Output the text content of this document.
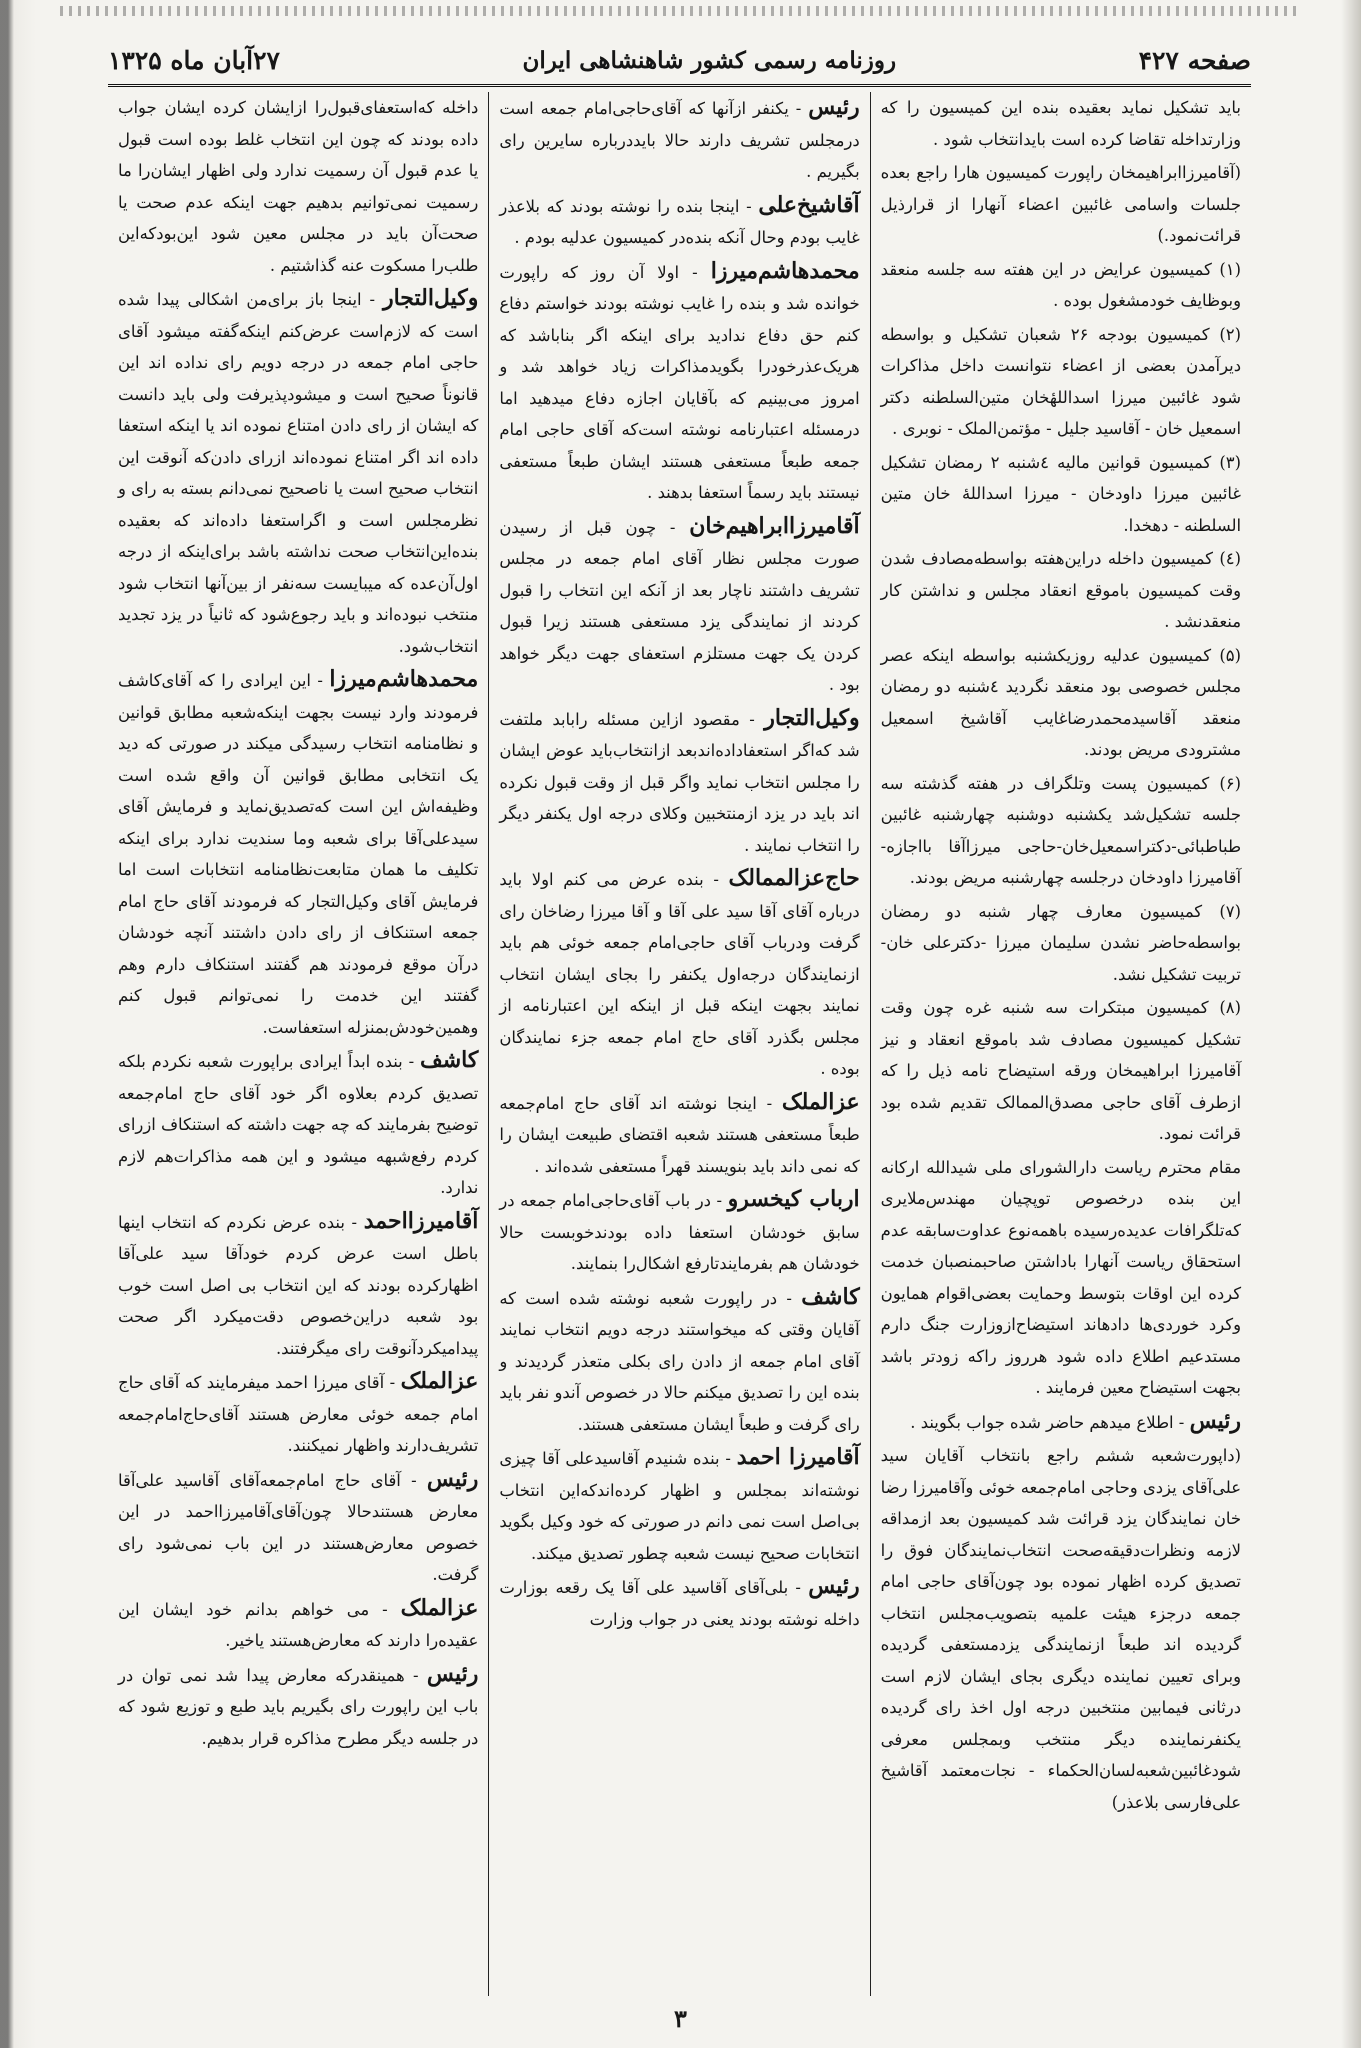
صفحه ۴۲۷
روزنامه رسمی کشور شاهنشاهی ایران
۲۷آبان ماه ۱۳۲۵

باید تشکیل نماید بعقیده بنده این کمیسیون را که وزارتداخله تقاضا کرده است بایدانتخاب شود .

(آقامیرزاابراهیمخان راپورت کمیسیون هارا راجع بعده جلسات واسامی غائبین اعضاء آنهارا از قرارذیل قرائت‌نمود.)

(۱) کمیسیون عرایض در این هفته سه جلسه منعقد وبوظایف خودمشغول بوده .

(۲) کمیسیون بودجه ۲۶ شعبان تشکیل و بواسطه دیرآمدن بعضی از اعضاء نتوانست داخل مذاکرات شود غائبین میرزا اسداللهٔخان متین‌السلطنه دکتر اسمعیل خان - آقاسید جلیل - مؤتمن‌الملک - نوبری .

(۳) کمیسیون قوانین مالیه ٤شنبه ۲ رمضان تشکیل غائبین میرزا داودخان - میرزا اسداللهٔ خان متین السلطنه - دهخدا.

(٤) کمیسیون داخله دراین‌هفته بواسطه‌مصادف شدن وقت کمیسیون باموقع انعقاد مجلس و نداشتن کار منعقدنشد .

(۵) کمیسیون عدلیه روزیکشنبه بواسطه اینکه عصر مجلس خصوصی بود منعقد نگردید ٤شنبه دو رمضان منعقد آقاسیدمحمدرضاغایب آقاشیخ اسمعیل مشترودی مریض بودند.

(۶) کمیسیون پست وتلگراف در هفته گذشته سه جلسه تشکیل‌شد یکشنبه دوشنبه چهارشنبه غائبین طباطبائی-دکتراسمعیل‌خان-حاجی میرزاآقا بااجازه- آقامیرزا داودخان درجلسه چهارشنبه مریض بودند.

(۷) کمیسیون معارف چهار شنبه دو رمضان بواسطه‌حاضر نشدن سلیمان میرزا -دکترعلی خان- تربیت تشکیل نشد.

(۸) کمیسیون مبتکرات سه شنبه غره چون وقت تشکیل کمیسیون مصادف شد باموقع انعقاد و نیز آقامیرزا ابراهیمخان ورقه استیضاح نامه ذیل را که ازطرف آقای حاجی مصدق‌الممالک تقدیم شده بود قرائت نمود.

مقام محترم ریاست دارالشورای ملی شیدالله ارکانه این بنده درخصوص توپچیان مهندس‌ملایری که‌تلگرافات عدیده‌رسیده باهمه‌نوع عداوت‌سابقه عدم استحقاق ریاست آنهارا باداشتن صاحبمنصبان خدمت کرده این اوقات بتوسط وحمایت بعضی‌اقوام همایون وکرد خوردی‌ها دادهاند استیضاح‌ازوزارت جنگ دارم مستدعیم اطلاع داده شود هرروز راکه زودتر باشد بجهت استیضاح معین فرمایند .

رئیس - اطلاع میدهم حاضر شده جواب بگویند .

(داپورت‌شعبه ششم راجع بانتخاب آقایان سید علی‌آقای یزدی وحاجی امام‌جمعه خوئی وآقامیرزا رضا خان نمایندگان یزد قرائت شد کمیسیون بعد ازمداقه لازمه ونظرات‌دقیقه‌صحت انتخاب‌نمایندگان فوق را تصدیق کرده اظهار نموده بود چون‌آقای حاجی امام جمعه درجزء هیئت علمیه بتصویب‌مجلس انتخاب گردیده اند طبعاً ازنمایندگی یزدمستعفی گردیده وبرای تعیین نماینده دیگری بجای ایشان لازم است درثانی فیمابین منتخبین درجه اول اخذ رای گردیده یکنفرنماینده دیگر منتخب وبمجلس معرفی شودغائبین‌شعبه‌لسان‌الحکماء - نجات‌معتمد آقاشیخ علی‌فارسی بلاعذر)

رئیس - یکنفر ازآنها که آقای‌حاجی‌امام جمعه است درمجلس تشریف دارند حالا بایددرباره سایرین رای بگیریم .

آقاشیخ‌علی - اینجا بنده را نوشته بودند که بلاعذر غایب بودم وحال آنکه بنده‌در کمیسیون عدلیه بودم .

محمدهاشم‌میرزا - اولا آن روز که راپورت خوانده شد و بنده را غایب نوشته بودند خواستم دفاع کنم حق دفاع ندادید برای اینکه اگر بناباشد که هریک‌عذرخودرا بگوید‌مذاکرات زیاد خواهد شد و امروز می‌بینیم که بآقایان اجازه دفاع میدهید اما درمسئله اعتبارنامه نوشته است‌که آقای حاجی امام جمعه طبعاً مستعفی هستند ایشان طبعاً مستعفی نیستند باید رسماً استعفا بدهند .

آقامیرزاابراهیم‌خان - چون قبل از رسیدن صورت مجلس نظار آقای امام جمعه در مجلس تشریف داشتند ناچار بعد از آنکه این انتخاب را قبول کردند از نمایندگی یزد مستعفی هستند زیرا قبول کردن یک جهت مستلزم استعفای جهت دیگر خواهد بود .

وکیل‌التجار - مقصود ازاین مسئله رابابد ملتفت شد که‌اگر استعفاداده‌اندبعد ازانتخاب‌باید عوض ایشان را مجلس انتخاب نماید واگر قبل از وقت قبول نکرده اند باید در یزد ازمنتخبین وکلای درجه اول یکنفر دیگر را انتخاب نمایند .

حاج‌عزالممالک - بنده عرض می کنم اولا باید درباره آقای آقا سید علی آقا و آقا میرزا رضاخان رای گرفت ودرباب آقای حاجی‌امام جمعه خوئی هم باید ازنمایندگان درجه‌اول یکنفر را بجای ایشان انتخاب نمایند بجهت اینکه قبل از اینکه این اعتبارنامه از مجلس بگذرد آقای حاج امام جمعه جزء نمایندگان بوده .

عزالملک - اینجا نوشته اند آقای حاج امام‌جمعه طبعاً مستعفی هستند شعبه اقتضای طبیعت ایشان را که نمی داند باید بنویسند قهراً مستعفی شده‌اند .

ارباب کیخسرو - در باب آقای‌حاجی‌امام جمعه در سابق خودشان استعفا داده بودندخوبست حالا خودشان هم بفرمایندتارفع اشکال‌را بنمایند.

کاشف - در راپورت شعبه نوشته شده است که آقایان وقتی که میخواستند درجه دویم انتخاب نمایند آقای امام جمعه از دادن رای بکلی متعذر گردیدند و بنده این را تصدیق میکنم حالا در خصوص آندو نفر باید رای گرفت و طبعاً ایشان مستعفی هستند.

آقامیرزا احمد - بنده شنیدم آقاسیدعلی آقا چیزی نوشته‌اند بمجلس و اظهار کرده‌اندکه‌این انتخاب بی‌اصل است نمی دانم در صورتی که خود وکیل بگوید انتخابات صحیح نیست شعبه چطور تصدیق میکند.

رئیس - بلی‌آقای آقاسید علی آقا یک رقعه بوزارت داخله نوشته بودند یعنی در جواب وزارت

داخله که‌استعفای‌قبول‌را ازایشان کرده ایشان جواب داده بودند که چون این انتخاب غلط بوده است قبول یا عدم قبول آن رسمیت ندارد ولی اظهار ایشان‌را ما رسمیت نمی‌توانیم بدهیم جهت اینکه عدم صحت یا صحت‌آن باید در مجلس معین شود این‌بودکه‌این طلب‌را مسکوت عنه گذاشتیم .

وکیل‌التجار - اینجا باز برای‌من اشکالی پیدا شده است که لازم‌است عرض‌کنم اینکه‌گفته میشود آقای حاجی امام جمعه در درجه دویم رای نداده اند این قانوناً صحیح است و میشودپذیرفت ولی باید دانست که ایشان از رای دادن امتناع نموده اند یا اینکه استعفا داده اند اگر امتناع نموده‌اند ازرای دادن‌که آنوقت این انتخاب صحیح است یا ناصحیح نمی‌دانم بسته به رای و نظرمجلس است و اگراستعفا داده‌اند که بعقیده بنده‌این‌انتخاب صحت نداشته باشد برای‌اینکه از درجه اول‌آن‌عده که میبایست سه‌نفر از بین‌آنها انتخاب شود منتخب نبوده‌اند و باید رجوع‌شود که ثانیاً در یزد تجدید انتخاب‌شود.

محمدهاشم‌میرزا - این ایرادی را که آقای‌کاشف فرمودند وارد نیست بجهت اینکه‌شعبه مطابق قوانین و نظامنامه انتخاب رسیدگی میکند در صورتی که دید یک انتخابی مطابق قوانین آن واقع شده است وظیفه‌اش این است که‌تصدیق‌نماید و فرمایش آقای سیدعلی‌آقا برای شعبه وما سندیت ندارد برای اینکه تکلیف ما همان متابعت‌نظامنامه انتخابات است اما فرمایش آقای وکیل‌التجار که فرمودند آقای حاج امام جمعه استنکاف از رای دادن داشتند آنچه خودشان درآن موقع فرمودند هم گفتند استنکاف دارم وهم گفتند این خدمت را نمی‌توانم قبول کنم وهمین‌خودش‌بمنزله استعفاست.

کاشف - بنده ابداً ایرادی براپورت شعبه نکردم بلکه تصدیق کردم بعلاوه اگر خود آقای حاج امام‌جمعه توضیح بفرمایند که چه جهت داشته که استنکاف ازرای کردم رفع‌شبهه میشود و این همه مذاکرات‌هم لازم ندارد.

آقامیرزااحمد - بنده عرض نکردم که انتخاب اینها باطل است عرض کردم خودآقا سید علی‌آقا اظهارکرده بودند که این انتخاب بی اصل است خوب بود شعبه دراین‌خصوص دقت‌میکرد اگر صحت پیدامیکردآنوقت رای میگرفتند.

عزالملک - آقای میرزا احمد میفرمایند که آقای حاج امام جمعه خوئی معارض هستند آقای‌حاج‌امام‌جمعه تشریف‌دارند واظهار نمیکنند.

رئیس - آقای حاج امام‌جمعه‌آقای آقاسید علی‌آقا معارض هستندحالا چون‌آقای‌آقامیرزااحمد در این خصوص معارض‌هستند در این باب نمی‌شود رای گرفت.

عزالملک - می خواهم بدانم خود ایشان این عقیده‌را دارند که معارض‌هستند یاخیر.

رئیس - همینقدرکه معارض پیدا شد نمی توان در باب این راپورت رای بگیریم باید طبع و توزیع شود که در جلسه دیگر مطرح مذاکره قرار بدهیم.

۳
